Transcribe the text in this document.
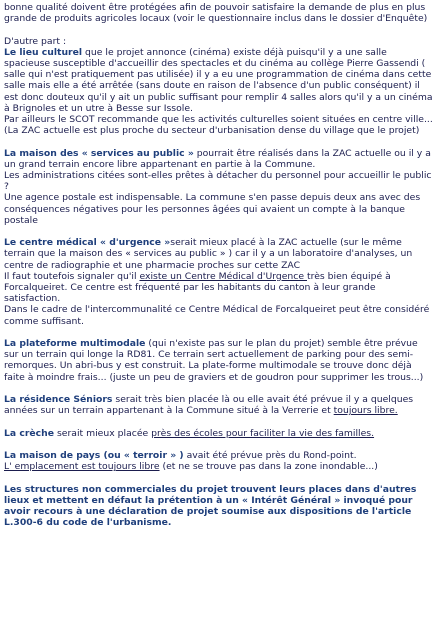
bonne qualité doivent être protégées afin de pouvoir satisfaire la demande de plus en plus grande de produits agricoles locaux (voir le questionnaire inclus dans le dossier d'Enquête)

D'autre part :

Le lieu culturel que le projet annonce (cinéma) existe déjà puisqu'il y a une salle spacieuse susceptible d'accueillir des spectacles et du cinéma au collège Pierre Gassendi ( salle qui n'est pratiquement pas utilisée) il y a eu une programmation de cinéma dans cette salle mais elle a été arrêtée (sans doute en raison de l'absence d'un public conséquent) il est donc douteux qu'il y ait un public suffisant pour remplir 4 salles alors qu'il y a un cinéma à Brignoles et un utre à Besse sur Issole.

Par ailleurs le SCOT recommande que les activités culturelles soient situées en centre ville...

(La ZAC actuelle est plus proche du secteur d'urbanisation dense du village que le projet)

La maison des « services au public » pourrait être réalisés dans la ZAC actuelle ou il y a un grand terrain encore libre appartenant en partie à la Commune.

Les administrations citées sont-elles prêtes à détacher du personnel pour accueillir le public ?

Une agence postale est indispensable. La commune s'en passe depuis deux ans avec des conséquences négatives pour les personnes âgées qui avaient un compte à la banque postale

Le centre médical « d'urgence »serait mieux placé à la ZAC actuelle (sur le même terrain que la maison des « services au public » ) car il y a un laboratoire d'analyses, un centre de radiographie et une pharmacie proches sur cette ZAC

Il faut toutefois signaler qu'il existe un Centre Médical d'Urgence très bien équipé à Forcalqueiret. Ce centre est fréquenté par les habitants du canton à leur grande satisfaction.

Dans le cadre de l'intercommunalité ce Centre Médical de Forcalqueiret peut être considéré comme suffisant.

La plateforme multimodale (qui n'existe pas sur le plan du projet) semble être prévue sur un terrain qui longe la RD81. Ce terrain sert actuellement de parking pour des semi-remorques. Un abri-bus y est construit. La plate-forme multimodale se trouve donc déjà faite à moindre frais... (juste un peu de graviers et de goudron pour supprimer les trous...)

La résidence Séniors serait très bien placée là ou elle avait été prévue il y a quelques années sur un terrain appartenant à la Commune situé à la Verrerie et toujours libre.

La crèche serait mieux placée près des écoles pour faciliter la vie des familles.

La maison de pays (ou « terroir » ) avait été prévue près du Rond-point.

L' emplacement est toujours libre (et ne se trouve pas dans la zone inondable...)

Les structures non commerciales du projet trouvent leurs places dans d'autres lieux et mettent en défaut la prétention à un « Intérêt Général » invoqué pour avoir recours à une déclaration de projet soumise aux dispositions de l'article L.300-6 du code de l'urbanisme.
